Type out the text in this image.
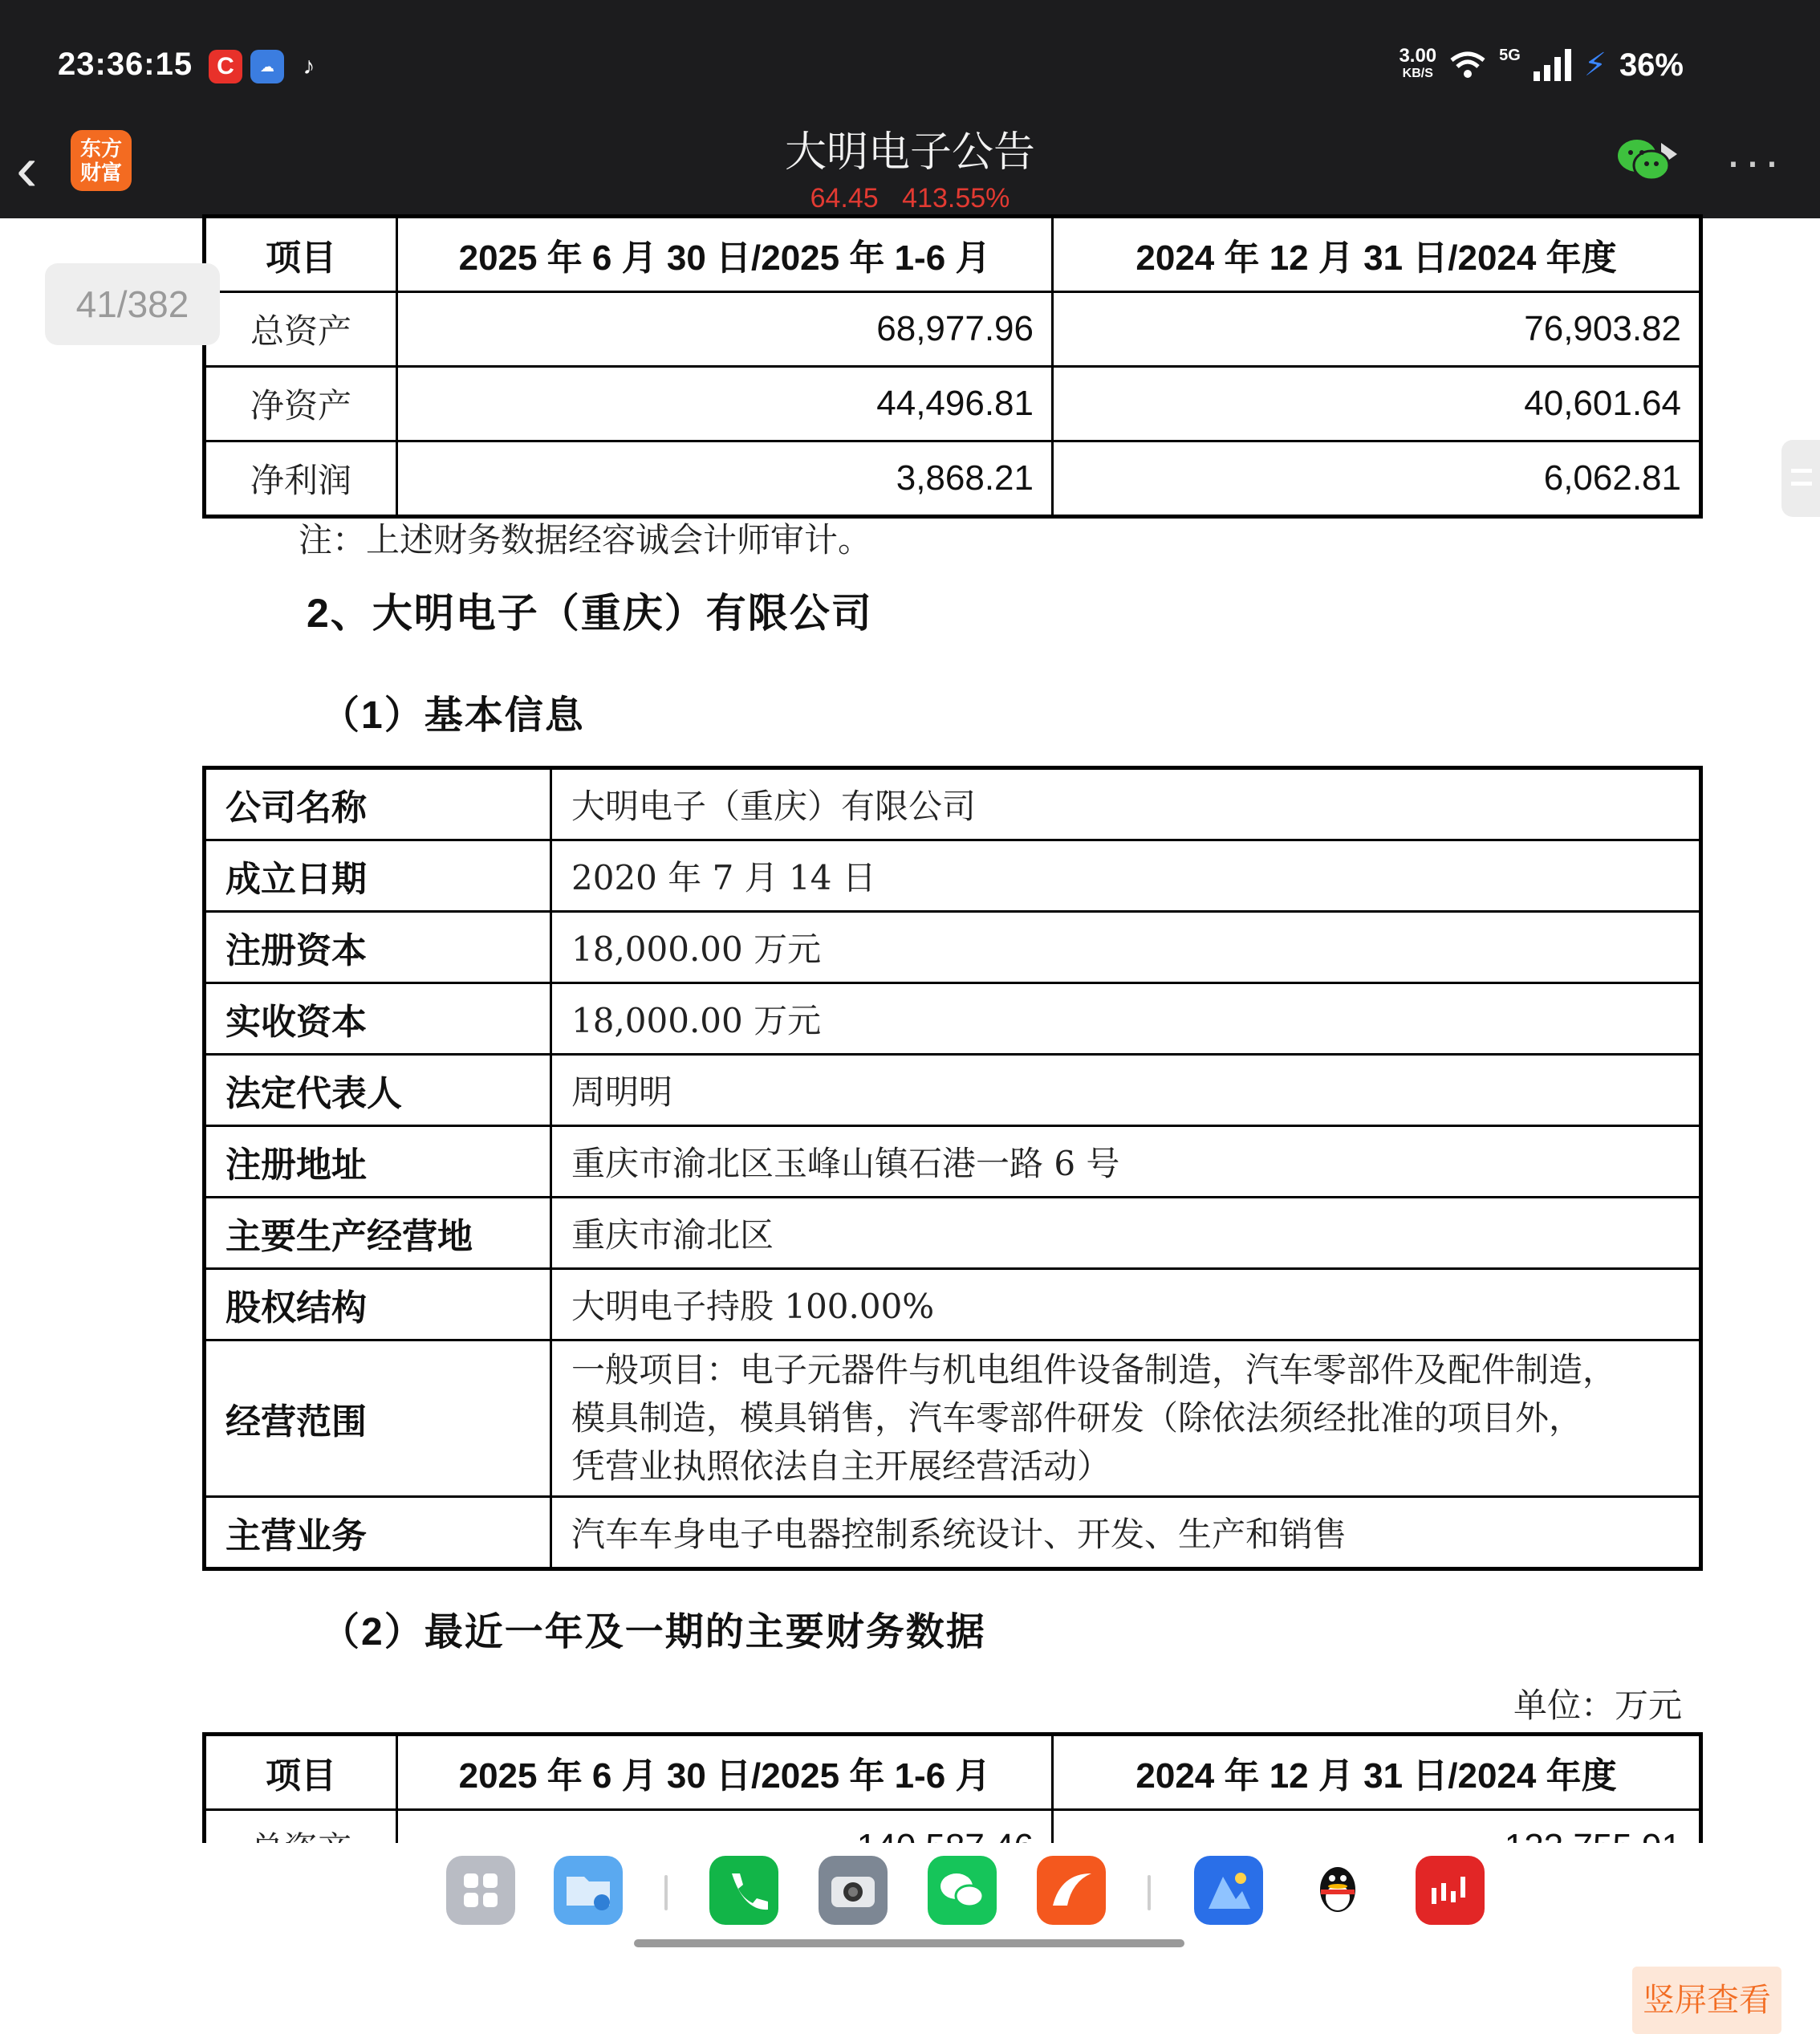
23:36:15	C	☁	♪	3.00
KB/S
5G ⚡ 36%
‹	东方
财富	大明电子公告
64.45 413.55%
···
项目	2025 年 6 月 30 日/2025 年 1-6 月	2024 年 12 月 31 日/2024 年度
总资产	68,977.96	76,903.82
净资产	44,496.81	40,601.64
净利润	3,868.21	6,062.81
注：上述财务数据经容诚会计师审计。
2、大明电子（重庆）有限公司
（1）基本信息
公司名称	大明电子（重庆）有限公司
成立日期	2020 年 7 月 14 日
注册资本	18,000.00 万元
实收资本	18,000.00 万元
法定代表人	周明明
注册地址	重庆市渝北区玉峰山镇石港一路 6 号
主要生产经营地	重庆市渝北区
股权结构	大明电子持股 100.00%
经营范围	一般项目：电子元器件与机电组件设备制造，汽车零部件及配件制造，
模具制造，模具销售，汽车零部件研发（除依法须经批准的项目外，
凭营业执照依法自主开展经营活动）

主营业务	汽车车身电子电器控制系统设计、开发、生产和销售
（2）最近一年及一期的主要财务数据
单位：万元
项目	2025 年 6 月 30 日/2025 年 1-6 月	2024 年 12 月 31 日/2024 年度

竖屏查看
41/382
